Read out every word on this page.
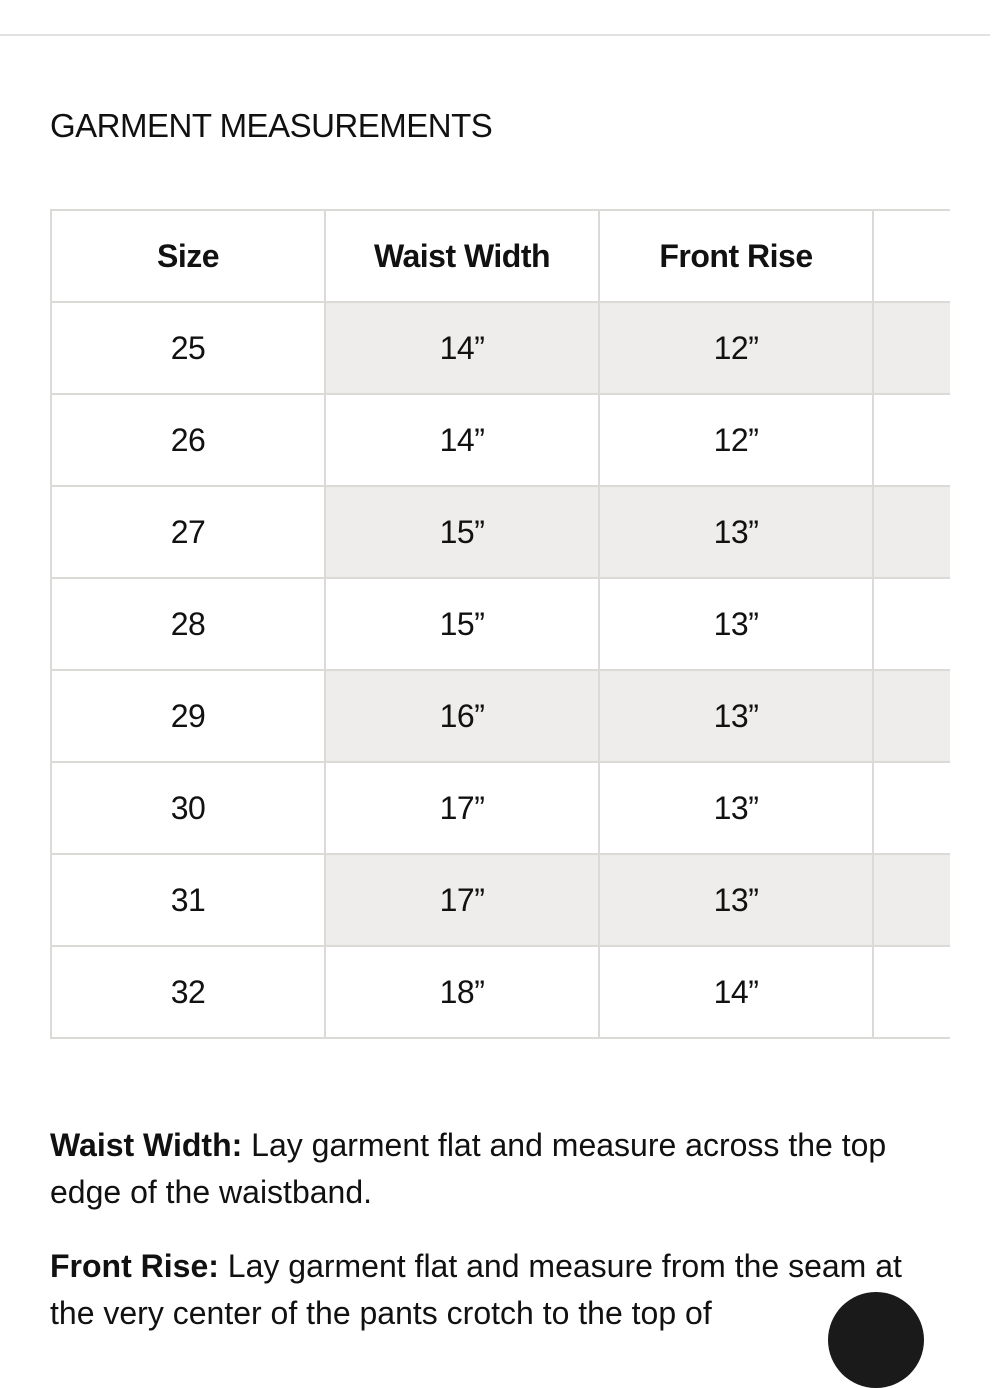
GARMENT MEASUREMENTS
Size	Waist Width	Front Rise	
25	14”	12”	
26	14”	12”	
27	15”	13”	
28	15”	13”	
29	16”	13”	
30	17”	13”	
31	17”	13”	
32	18”	14”	

Waist Width: Lay garment flat and measure across the top edge of the waistband.

Front Rise: Lay garment flat and measure from the seam at the very center of the pants crotch to the top of
